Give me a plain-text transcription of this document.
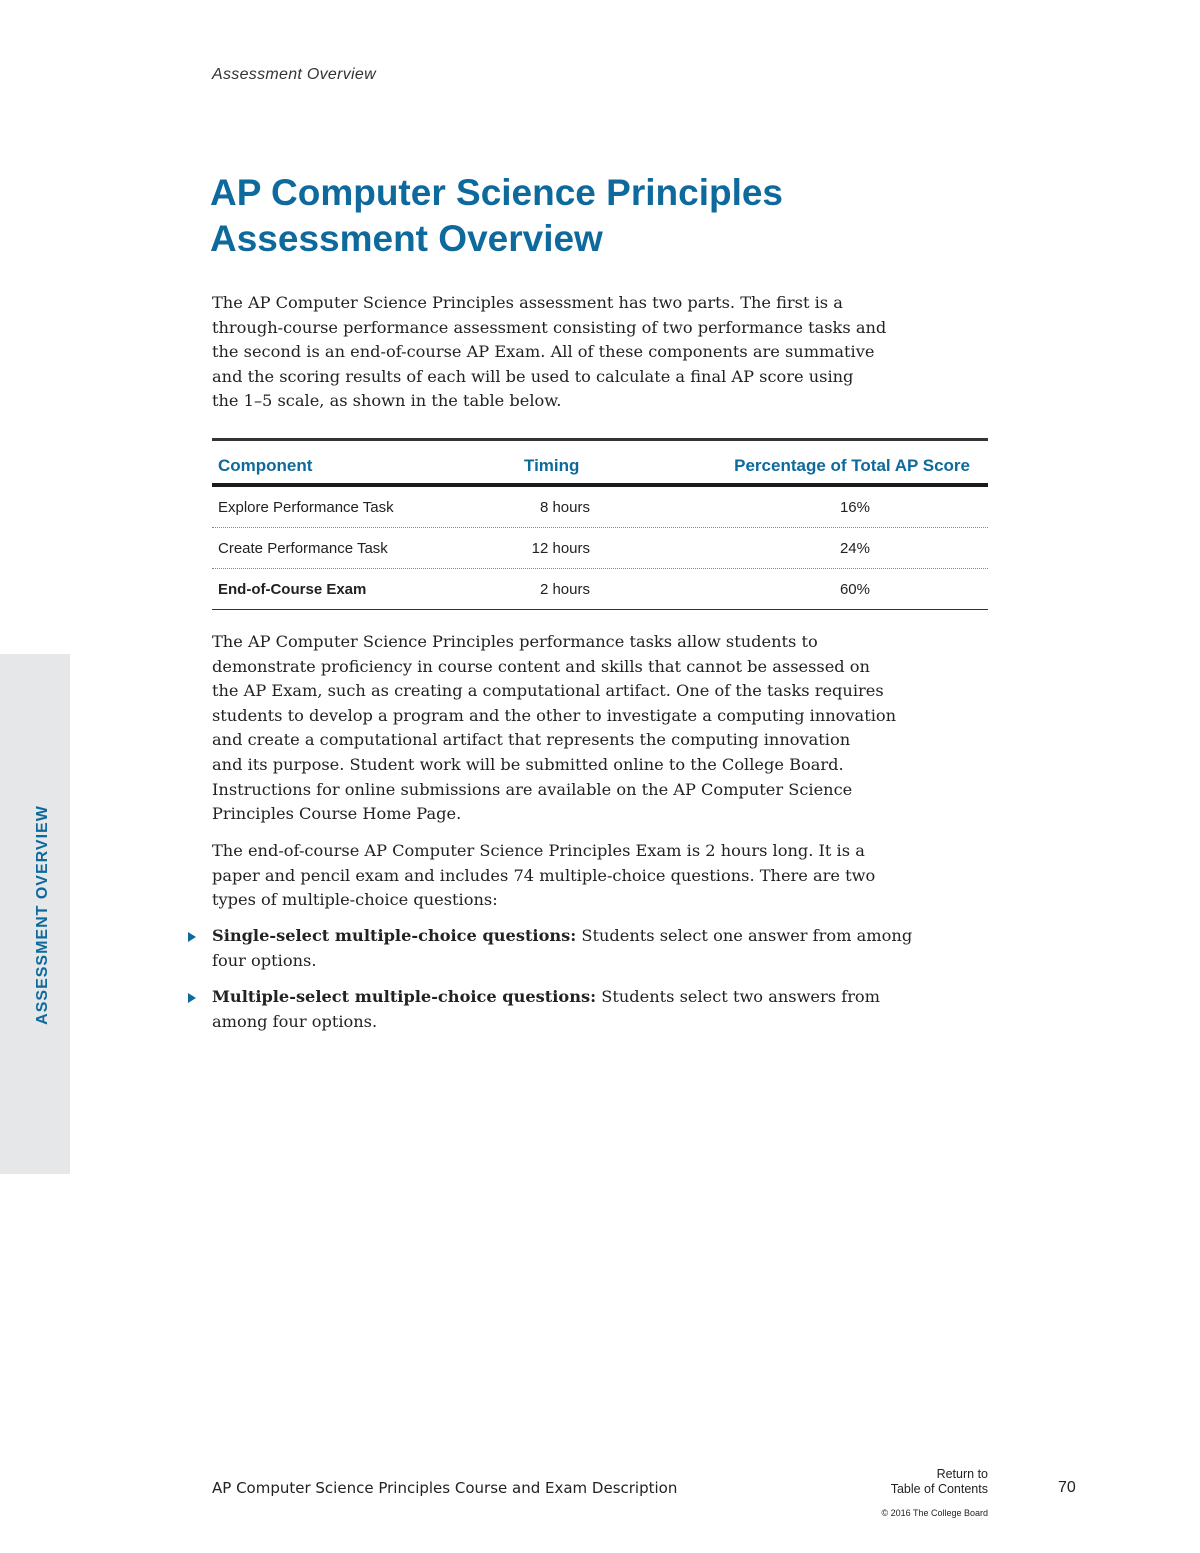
Assessment Overview
AP Computer Science Principles
Assessment Overview

The AP Computer Science Principles assessment has two parts. The first is a
through-course performance assessment consisting of two performance tasks and
the second is an end-of-course AP Exam. All of these components are summative
and the scoring results of each will be used to calculate a final AP score using
the 1–5 scale, as shown in the table below.

Component	Timing	Percentage of Total AP Score
Explore Performance Task	8 hours	16%
Create Performance Task	12 hours	24%
End-of-Course Exam	2 hours	60%

The AP Computer Science Principles performance tasks allow students to
demonstrate proficiency in course content and skills that cannot be assessed on
the AP Exam, such as creating a computational artifact. One of the tasks requires
students to develop a program and the other to investigate a computing innovation
and create a computational artifact that represents the computing innovation
and its purpose. Student work will be submitted online to the College Board.
Instructions for online submissions are available on the AP Computer Science
Principles Course Home Page.

The end-of-course AP Computer Science Principles Exam is 2 hours long. It is a
paper and pencil exam and includes 74 multiple-choice questions. There are two
types of multiple-choice questions:

Single-select multiple-choice questions: Students select one answer from among
four options.
Multiple-select multiple-choice questions: Students select two answers from
among four options.
ASSESSMENT OVERVIEW
AP Computer Science Principles Course and Exam Description
Return to
Table of Contents	70
© 2016 The College Board
